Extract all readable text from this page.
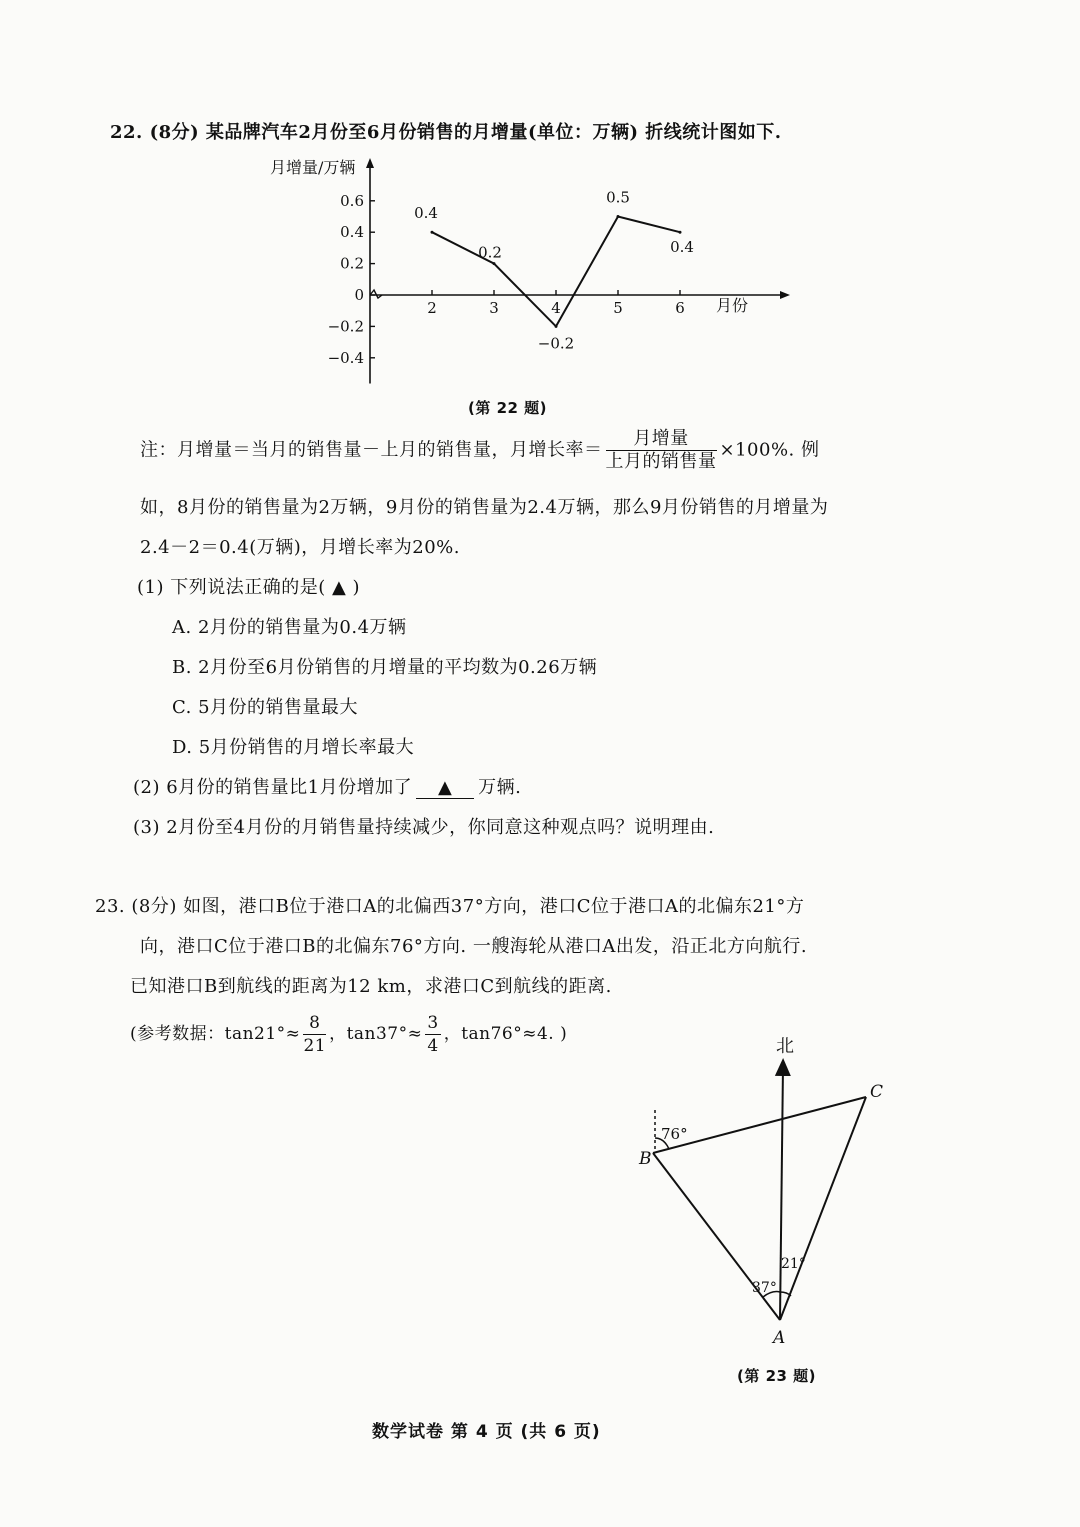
22. (8分) 某品牌汽车2月份至6月份销售的月增量(单位：万辆) 折线统计图如下.
月增量/万辆
月份
0.6
0.4
0.2
0
−0.2
−0.4
2	3	4	5	6
0.4
0.2
−0.2
0.5
0.4
(第 22 题)
注：月增量＝当月的销售量－上月的销售量，月增长率＝ $\frac{\text{月增量}}{\text{上月的销售量}} \times 100\%$. 例
如，8月份的销售量为2万辆，9月份的销售量为2.4万辆，那么9月份销售的月增量为
2.4－2＝0.4(万辆)，月增长率为20%.
(1) 下列说法正确的是( ▲ )
A. 2月份的销售量为0.4万辆
B. 2月份至6月份销售的月增量的平均数为0.26万辆
C. 5月份的销售量最大
D. 5月份销售的月增长率最大
(2) 6月份的销售量比1月份增加了 ▲ 万辆.
(3) 2月份至4月份的月销售量持续减少，你同意这种观点吗？说明理由.
23. (8分) 如图，港口B位于港口A的北偏西37°方向，港口C位于港口A的北偏东21°方
向，港口C位于港口B的北偏东76°方向. 一艘海轮从港口A出发，沿正北方向航行.
已知港口B到航线的距离为12 km，求港口C到航线的距离.
(参考数据：$\tan 21^\circ\approx \frac{8}{21}$ ，$\tan 37^\circ\approx \frac{3}{4}$ ，tan76°≈4. )
北
76°
37°
21°
A
B
C
(第 23 题)
数学试卷 第 4 页 (共 6 页)
